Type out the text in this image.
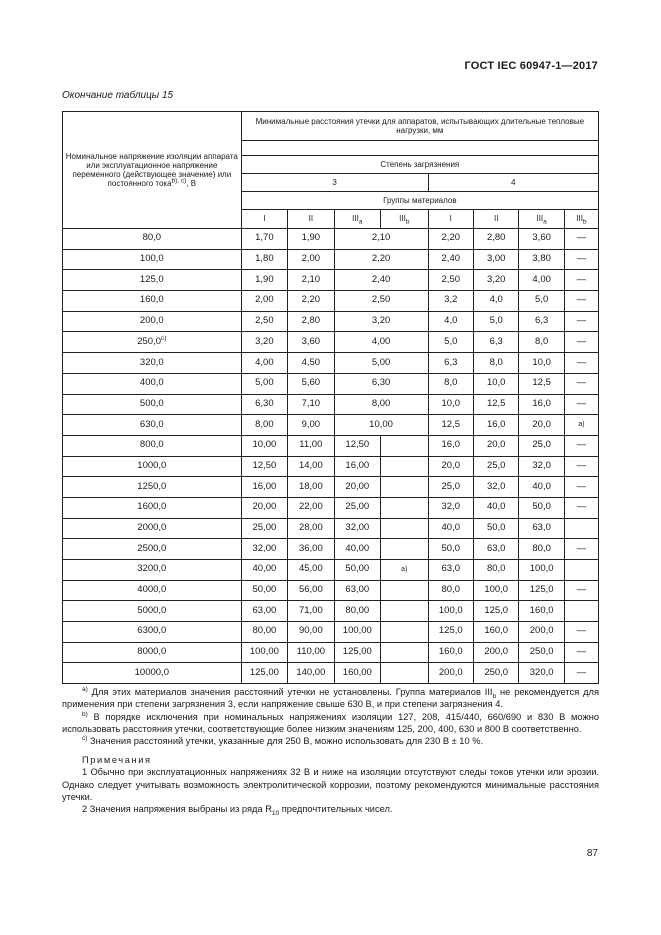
ГОСТ IEC 60947-1—2017
Окончание таблицы 15
Номинальное напряжение изоляции аппарата или эксплуатационное напряжение переменного (действующее значение) или постоянного тока$^{b), c)}$, В	Минимальные расстояния утечки для аппаратов, испытывающих длительные тепловые нагрузки, мм							

	Степень загрязнения							
	3				4			
	Группы материалов							
	I	II	$III_a$	$III_b$	I	II	$III_a$	$III_b$
80,0	1,70	1,90	2,10		2,20	2,80	3,60	—
100,0	1,80	2,00	2,20		2,40	3,00	3,80	—
125,0	1,90	2,10	2,40		2,50	3,20	4,00	—
160,0	2,00	2,20	2,50		3,2	4,0	5,0	—
200,0	2,50	2,80	3,20		4,0	5,0	6,3	—
250,0$^{c)}$	3,20	3,60	4,00		5,0	6,3	8,0	—
320,0	4,00	4,50	5,00		6,3	8,0	10,0	—
400,0	5,00	5,60	6,30		8,0	10,0	12,5	—
500,0	6,30	7,10	8,00		10,0	12,5	16,0	—
630,0	8,00	9,00	10,00		12,5	16,0	20,0	a)
800,0	10,00	11,00	12,50		16,0	20,0	25,0	—
1000,0	12,50	14,00	16,00		20,0	25,0	32,0	—
1250,0	16,00	18,00	20,00		25,0	32,0	40,0	—
1600,0	20,00	22,00	25,00		32,0	40,0	50,0	—
2000,0	25,00	28,00	32,00		40,0	50,0	63,0	
2500,0	32,00	36,00	40,00		50,0	63,0	80,0	—
3200,0	40,00	45,00	50,00	a)	63,0	80,0	100,0	
4000,0	50,00	56,00	63,00		80,0	100,0	125,0	—
5000,0	63,00	71,00	80,00		100,0	125,0	160,0	
6300,0	80,00	90,00	100,00		125,0	160,0	200,0	—
8000,0	100,00	110,00	125,00		160,0	200,0	250,0	—
10000,0	125,00	140,00	160,00		200,0	250,0	320,0	—

$^{a)}$ Для этих материалов значения расстояний утечки не установлены. Группа материалов $III_b$ не рекомендуется для применения при степени загрязнения 3, если напряжение свыше 630 В, и при степени загрязнения 4.

$^{b)}$ В порядке исключения при номинальных напряжениях изоляции 127, 208, 415/440, 660/690 и 830 В можно использовать расстояния утечки, соответствующие более низким значениям 125, 200, 400, 630 и 800 В соответственно.

$^{c)}$ Значения расстояний утечки, указанные для 250 В, можно использовать для 230 В ± 10 %.

Примечания

1 Обычно при эксплуатационных напряжениях 32 В и ниже на изоляции отсутствуют следы токов утечки или эрозии. Однако следует учитывать возможность электролитической коррозии, поэтому рекомендуются минимальные расстояния утечки.

2 Значения напряжения выбраны из ряда $R_{10}$ предпочтительных чисел.

87
